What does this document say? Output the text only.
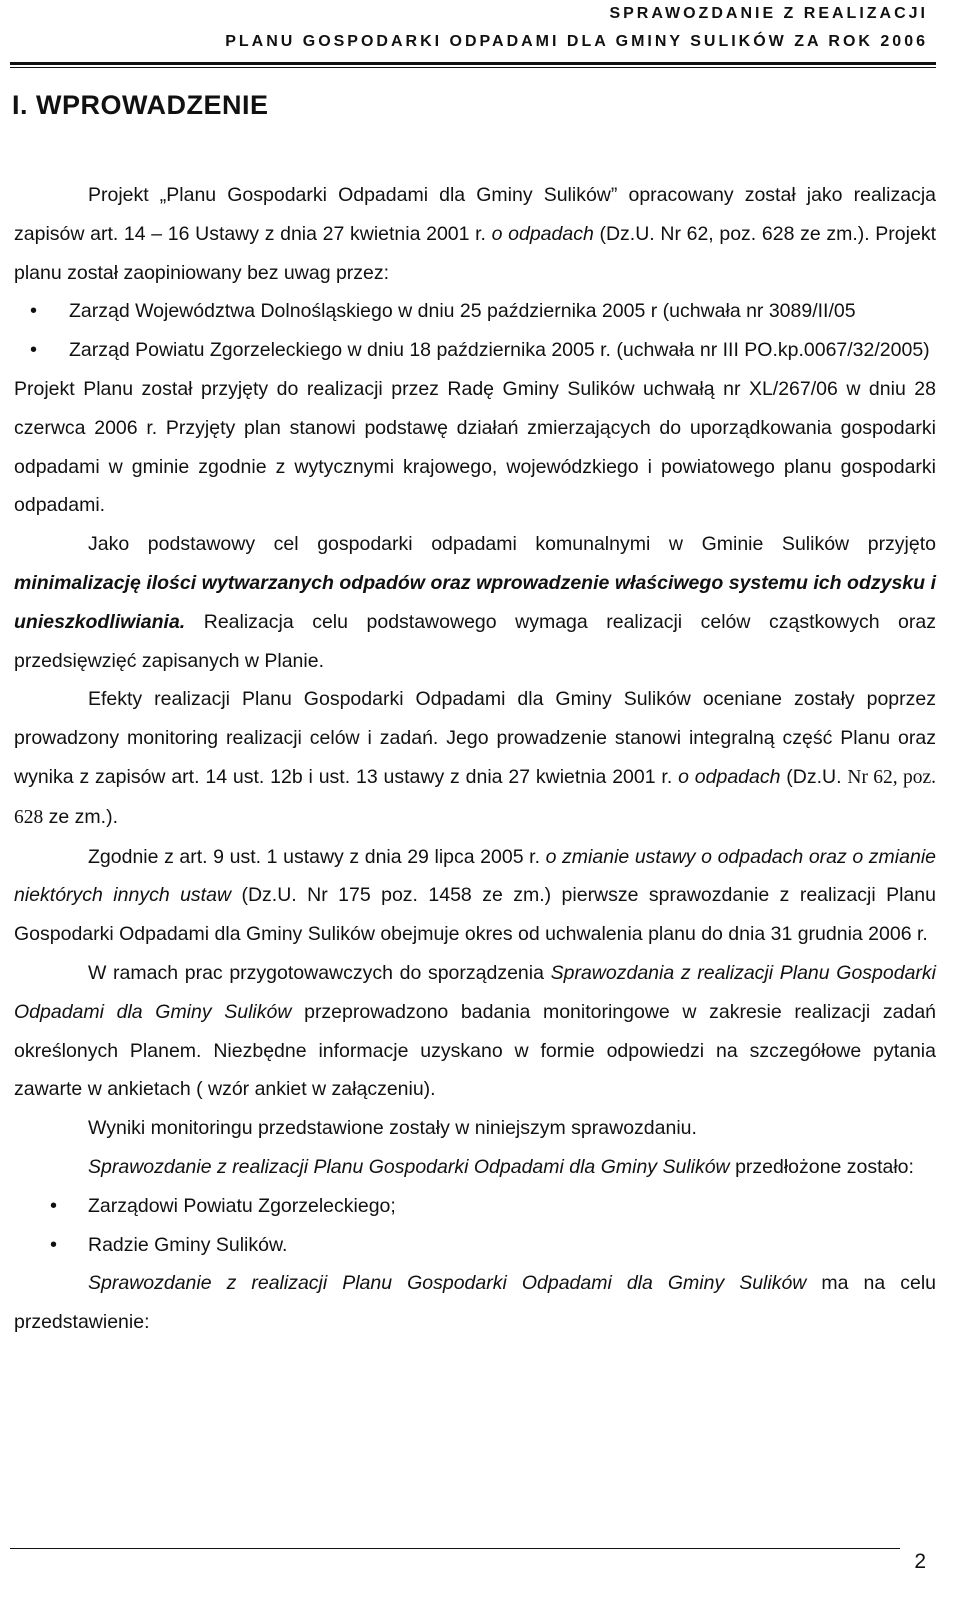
SPRAWOZDANIE Z REALIZACJI
PLANU GOSPODARKI ODPADAMI DLA GMINY SULIKÓW ZA ROK 2006
I. WPROWADZENIE

Projekt „Planu Gospodarki Odpadami dla Gminy Sulików” opracowany został jako realizacja zapisów art. 14 – 16 Ustawy z dnia 27 kwietnia 2001 r. o odpadach (Dz.U. Nr 62, poz. 628 ze zm.). Projekt planu został zaopiniowany bez uwag przez:

• Zarząd Województwa Dolnośląskiego w dniu 25 października 2005 r (uchwała nr 3089/II/05

• Zarząd Powiatu Zgorzeleckiego w dniu 18 października 2005 r. (uchwała nr III PO.kp.0067/32/2005)

Projekt Planu został przyjęty do realizacji przez Radę Gminy Sulików uchwałą nr XL/267/06 w dniu 28 czerwca 2006 r. Przyjęty plan stanowi podstawę działań zmierzających do uporządkowania gospodarki odpadami w gminie zgodnie z wytycznymi krajowego, wojewódzkiego i powiatowego planu gospodarki odpadami.

Jako podstawowy cel gospodarki odpadami komunalnymi w Gminie Sulików przyjęto minimalizację ilości wytwarzanych odpadów oraz wprowadzenie właściwego systemu ich odzysku i unieszkodliwiania. Realizacja celu podstawowego wymaga realizacji celów cząstkowych oraz przedsięwzięć zapisanych w Planie.

Efekty realizacji Planu Gospodarki Odpadami dla Gminy Sulików oceniane zostały poprzez prowadzony monitoring realizacji celów i zadań. Jego prowadzenie stanowi integralną część Planu oraz wynika z zapisów art. 14 ust. 12b i ust. 13 ustawy z dnia 27 kwietnia 2001 r. o odpadach (Dz.U. Nr 62, poz. 628 ze zm.).

Zgodnie z art. 9 ust. 1 ustawy z dnia 29 lipca 2005 r. o zmianie ustawy o odpadach oraz o zmianie niektórych innych ustaw (Dz.U. Nr 175 poz. 1458 ze zm.) pierwsze sprawozdanie z realizacji Planu Gospodarki Odpadami dla Gminy Sulików obejmuje okres od uchwalenia planu do dnia 31 grudnia 2006 r.

W ramach prac przygotowawczych do sporządzenia Sprawozdania z realizacji Planu Gospodarki Odpadami dla Gminy Sulików przeprowadzono badania monitoringowe w zakresie realizacji zadań określonych Planem. Niezbędne informacje uzyskano w formie odpowiedzi na szczegółowe pytania zawarte w ankietach ( wzór ankiet w załączeniu).

Wyniki monitoringu przedstawione zostały w niniejszym sprawozdaniu.

Sprawozdanie z realizacji Planu Gospodarki Odpadami dla Gminy Sulików przedłożone zostało:

• Zarządowi Powiatu Zgorzeleckiego;

• Radzie Gminy Sulików.

Sprawozdanie z realizacji Planu Gospodarki Odpadami dla Gminy Sulików ma na celu przedstawienie:

2
